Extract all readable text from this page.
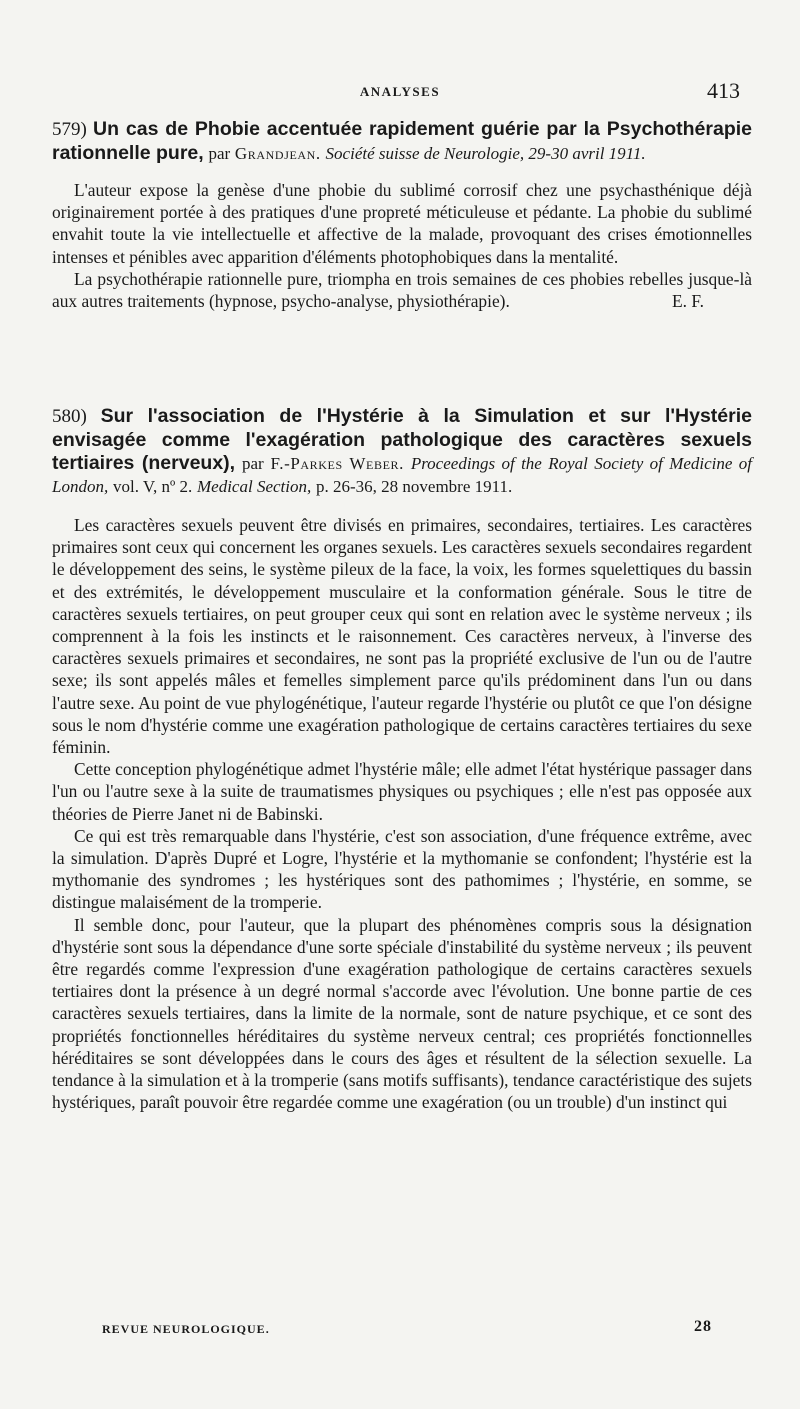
ANALYSES	413

579) Un cas de Phobie accentuée rapidement guérie par la Psychothérapie rationnelle pure, par Grandjean. Société suisse de Neurologie, 29-30 avril 1911.

L'auteur expose la genèse d'une phobie du sublimé corrosif chez une psychasthénique déjà originairement portée à des pratiques d'une propreté méticuleuse et pédante. La phobie du sublimé envahit toute la vie intellectuelle et affective de la malade, provoquant des crises émotionnelles intenses et pénibles avec apparition d'éléments photophobiques dans la mentalité.

La psychothérapie rationnelle pure, triompha en trois semaines de ces phobies rebelles jusque-là aux autres traitements (hypnose, psycho-analyse, physiothérapie).	E. F.

580) Sur l'association de l'Hystérie à la Simulation et sur l'Hystérie envisagée comme l'exagération pathologique des caractères sexuels tertiaires (nerveux), par F.-Parkes Weber. Proceedings of the Royal Society of Medicine of London, vol. V, nº 2. Medical Section, p. 26-36, 28 novembre 1911.

Les caractères sexuels peuvent être divisés en primaires, secondaires, tertiaires. Les caractères primaires sont ceux qui concernent les organes sexuels. Les caractères sexuels secondaires regardent le développement des seins, le système pileux de la face, la voix, les formes squelettiques du bassin et des extrémités, le développement musculaire et la conformation générale. Sous le titre de caractères sexuels tertiaires, on peut grouper ceux qui sont en relation avec le système nerveux ; ils comprennent à la fois les instincts et le raisonnement. Ces caractères nerveux, à l'inverse des caractères sexuels primaires et secondaires, ne sont pas la propriété exclusive de l'un ou de l'autre sexe; ils sont appelés mâles et femelles simplement parce qu'ils prédominent dans l'un ou dans l'autre sexe. Au point de vue phylogénétique, l'auteur regarde l'hystérie ou plutôt ce que l'on désigne sous le nom d'hystérie comme une exagération pathologique de certains caractères tertiaires du sexe féminin.

Cette conception phylogénétique admet l'hystérie mâle; elle admet l'état hystérique passager dans l'un ou l'autre sexe à la suite de traumatismes physiques ou psychiques ; elle n'est pas opposée aux théories de Pierre Janet ni de Babinski.

Ce qui est très remarquable dans l'hystérie, c'est son association, d'une fréquence extrême, avec la simulation. D'après Dupré et Logre, l'hystérie et la mythomanie se confondent; l'hystérie est la mythomanie des syndromes ; les hystériques sont des pathomimes ; l'hystérie, en somme, se distingue malaisément de la tromperie.

Il semble donc, pour l'auteur, que la plupart des phénomènes compris sous la désignation d'hystérie sont sous la dépendance d'une sorte spéciale d'instabilité du système nerveux ; ils peuvent être regardés comme l'expression d'une exagération pathologique de certains caractères sexuels tertiaires dont la présence à un degré normal s'accorde avec l'évolution. Une bonne partie de ces caractères sexuels tertiaires, dans la limite de la normale, sont de nature psychique, et ce sont des propriétés fonctionnelles héréditaires du système nerveux central; ces propriétés fonctionnelles héréditaires se sont développées dans le cours des âges et résultent de la sélection sexuelle. La tendance à la simulation et à la tromperie (sans motifs suffisants), tendance caractéristique des sujets hystériques, paraît pouvoir être regardée comme une exagération (ou un trouble) d'un instinct qui

REVUE NEUROLOGIQUE.	28
